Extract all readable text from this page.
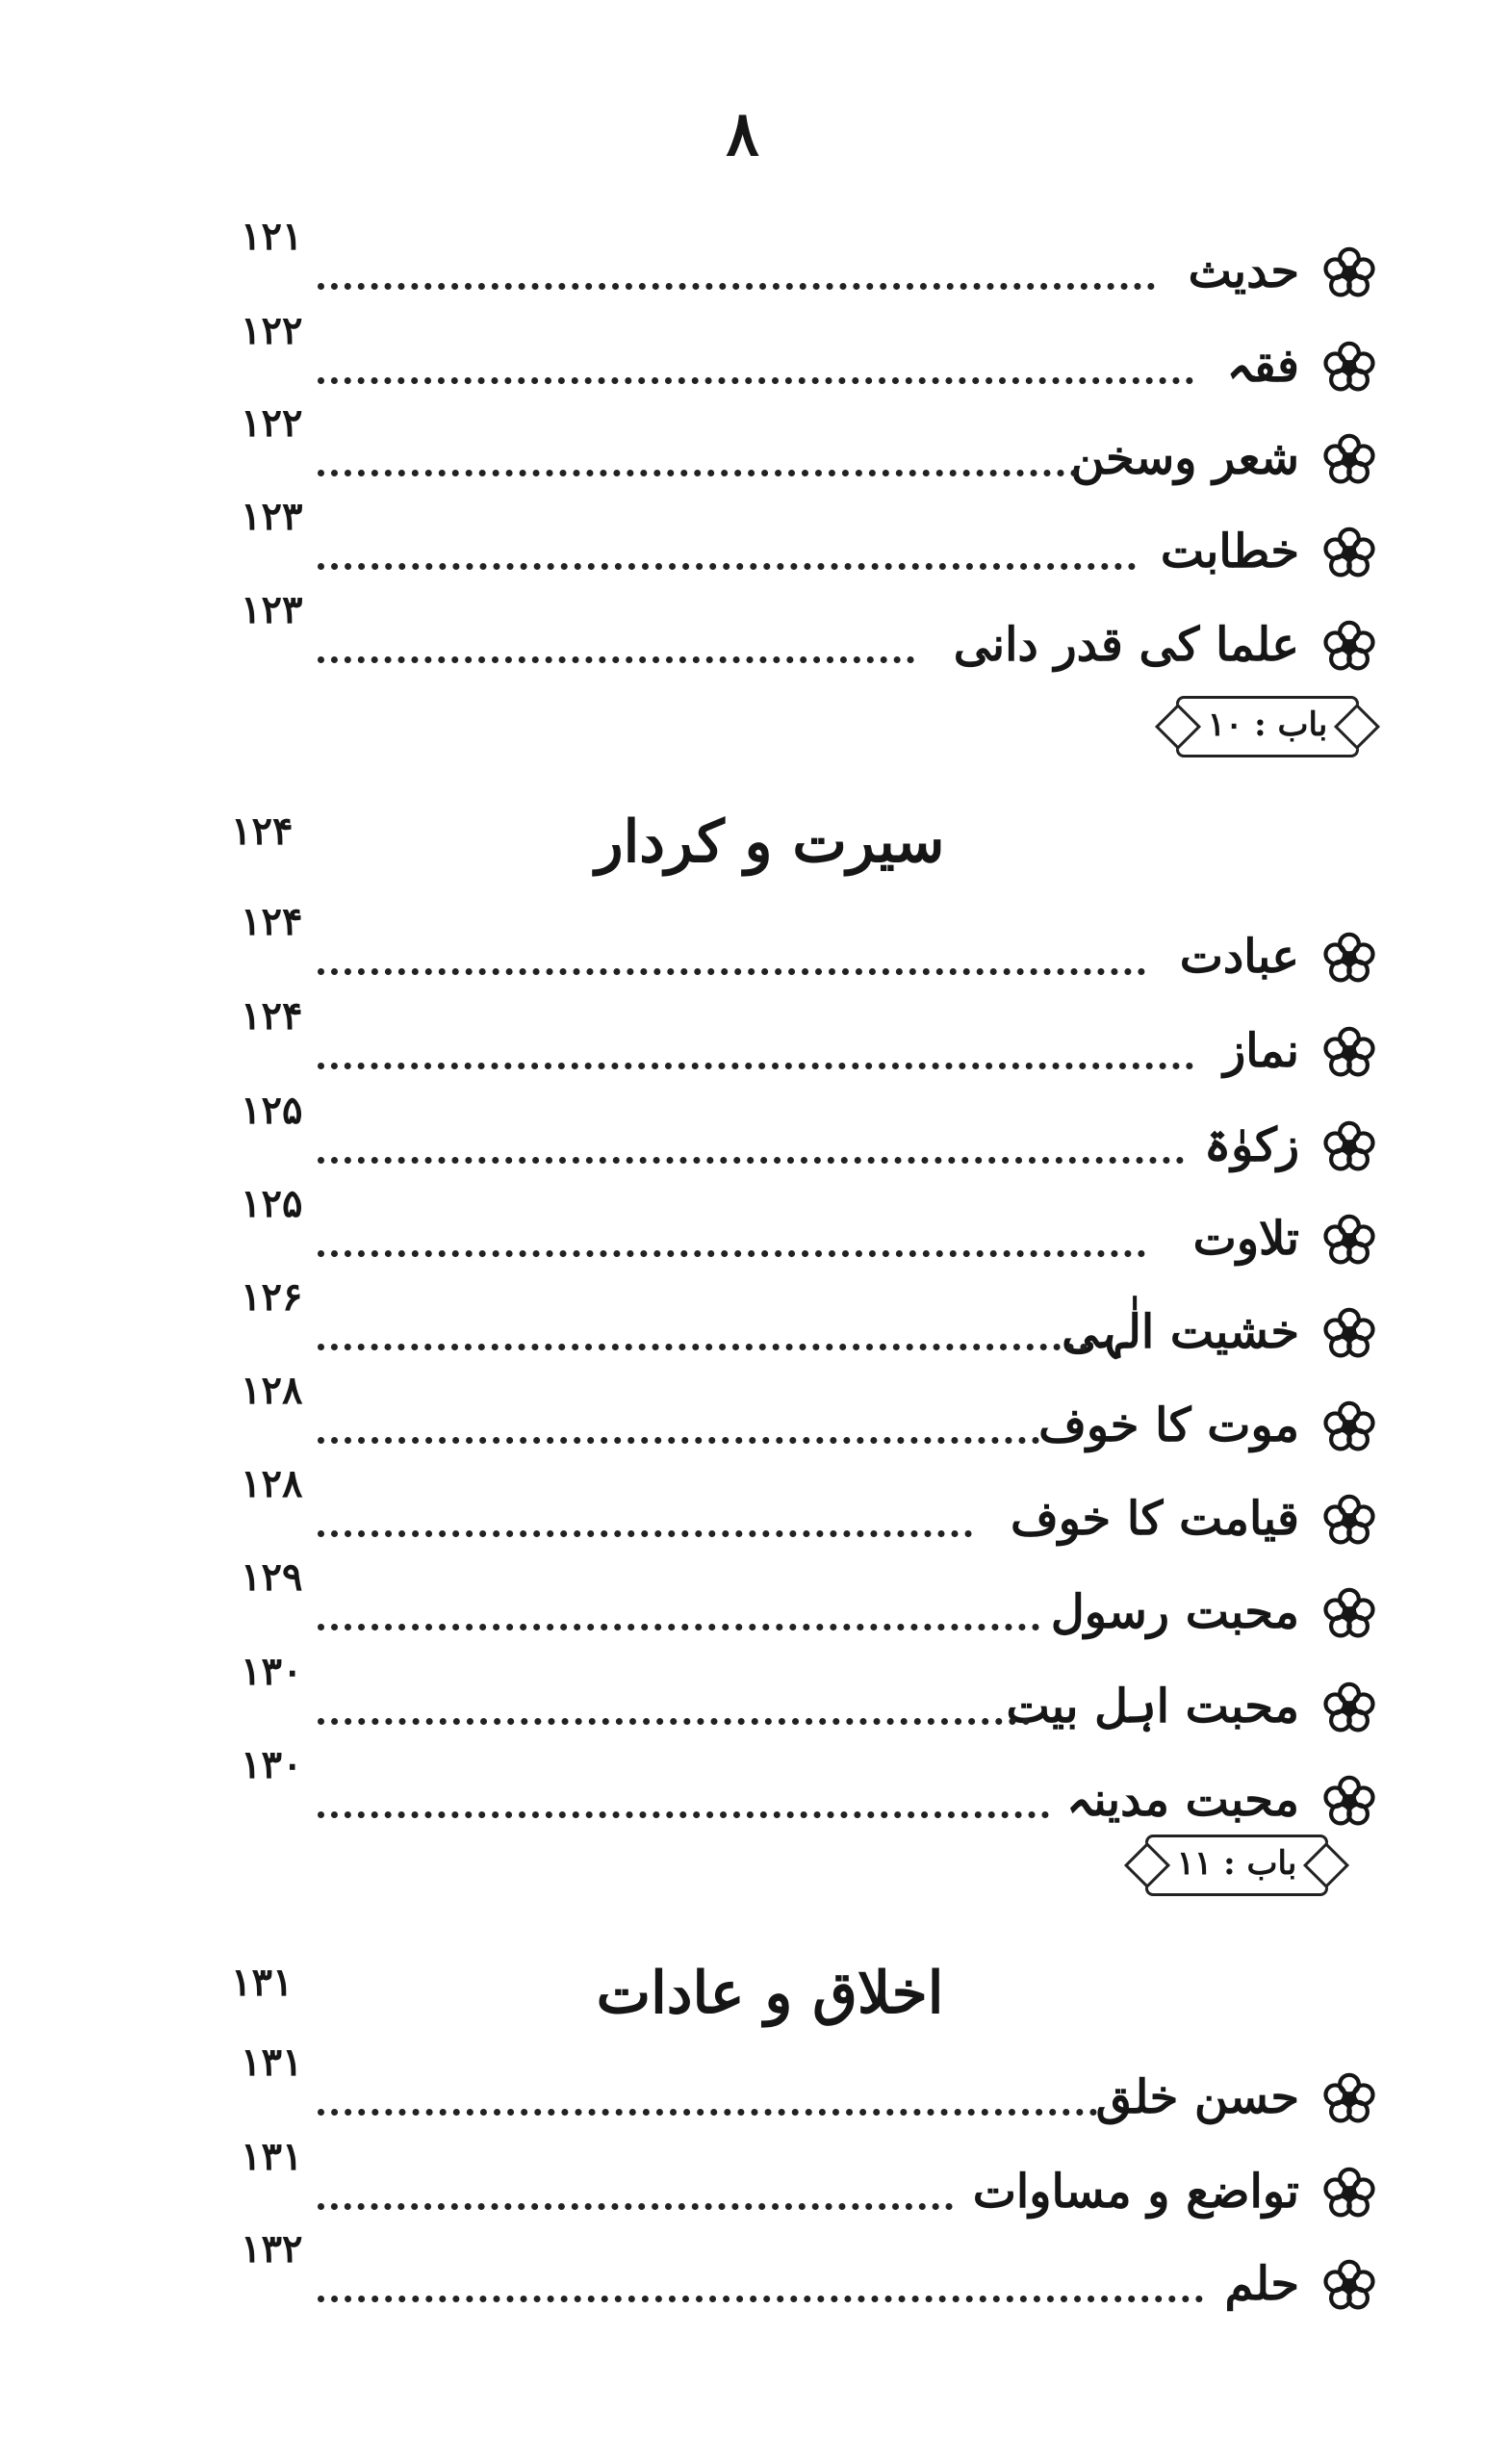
٨
حدیث
۱۲۱
فقہ
۱۲۲
شعر وسخن
۱۲۲
خطابت
۱۲۳
علما کی قدر دانی
۱۲۳
باب : ۱۰
سیرت و کردار
۱۲۴
عبادت
۱۲۴
نماز
۱۲۴
زکوٰۃ
۱۲۵
تلاوت
۱۲۵
خشیت الٰہی
۱۲۶
موت کا خوف
۱۲۸
قیامت کا خوف
۱۲۸
محبت رسول
۱۲۹
محبت اہل بیت
۱۳۰
محبت مدینہ
۱۳۰
باب : ۱۱
اخلاق و عادات
۱۳۱
حسن خلق
۱۳۱
تواضع و مساوات
۱۳۱
حلم
۱۳۲
